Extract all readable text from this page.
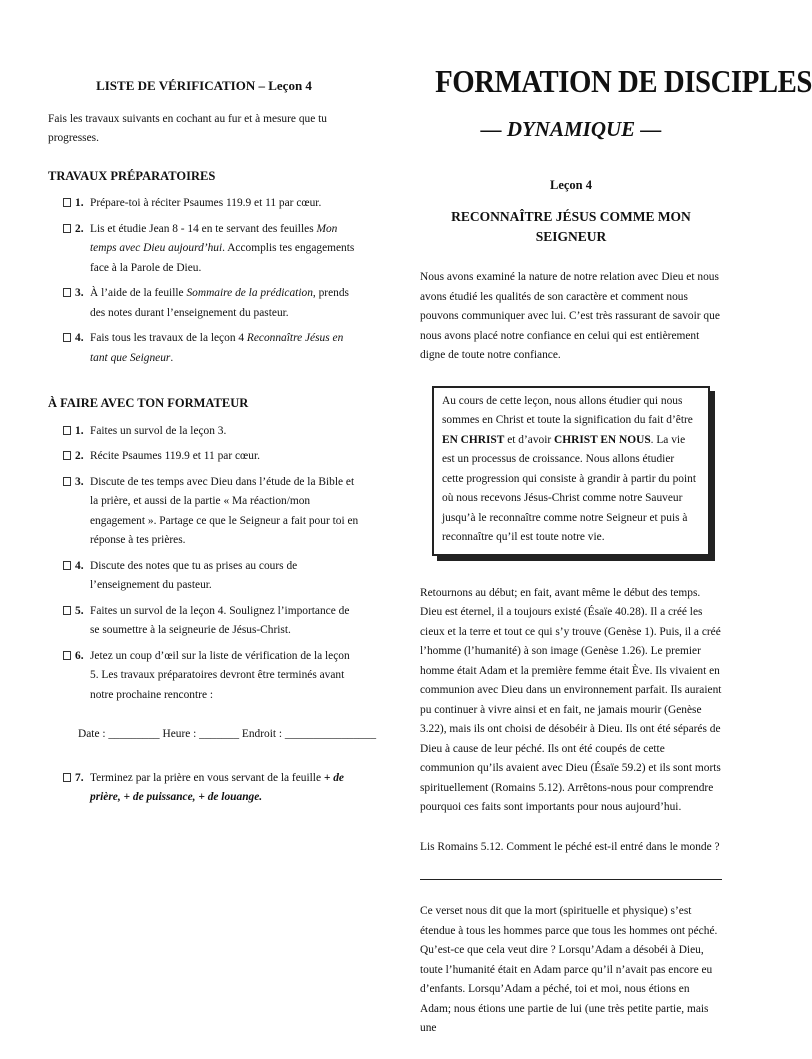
LISTE DE VÉRIFICATION – Leçon 4
Fais les travaux suivants en cochant au fur et à mesure que tu progresses.
TRAVAUX PRÉPARATOIRES
1. Prépare-toi à réciter Psaumes 119.9 et 11 par cœur.
2. Lis et étudie Jean 8 - 14 en te servant des feuilles Mon temps avec Dieu aujourd’hui. Accomplis tes engagements face à la Parole de Dieu.
3. À l’aide de la feuille Sommaire de la prédication, prends des notes durant l’enseignement du pasteur.
4. Fais tous les travaux de la leçon 4 Reconnaître Jésus en tant que Seigneur.
À FAIRE AVEC TON FORMATEUR
1. Faites un survol de la leçon 3.
2. Récite Psaumes 119.9 et 11 par cœur.
3. Discute de tes temps avec Dieu dans l’étude de la Bible et la prière, et aussi de la partie « Ma réaction/mon engagement ». Partage ce que le Seigneur a fait pour toi en réponse à tes prières.
4. Discute des notes que tu as prises au cours de l’enseignement du pasteur.
5. Faites un survol de la leçon 4. Soulignez l’importance de se soumettre à la seigneurie de Jésus-Christ.
6. Jetez un coup d’œil sur la liste de vérification de la leçon 5. Les travaux préparatoires devront être terminés avant notre prochaine rencontre :
Date : _________ Heure : _______ Endroit : ________________
7. Terminez par la prière en vous servant de la feuille + de prière, + de puissance, + de louange.
FORMATION DE DISCIPLES
— DYNAMIQUE —
Leçon 4
RECONNAÎTRE JÉSUS COMME MON SEIGNEUR
Nous avons examiné la nature de notre relation avec Dieu et nous avons étudié les qualités de son caractère et comment nous pouvons communiquer avec lui. C’est très rassurant de savoir que nous avons placé notre confiance en celui qui est entièrement digne de toute notre confiance.
Au cours de cette leçon, nous allons étudier qui nous sommes en Christ et toute la signification du fait d’être EN CHRIST et d’avoir CHRIST EN NOUS. La vie est un processus de croissance. Nous allons étudier cette progression qui consiste à grandir à partir du point où nous recevons Jésus-Christ comme notre Sauveur jusqu’à le reconnaître comme notre Seigneur et puis à reconnaître qu’il est toute notre vie.
Retournons au début; en fait, avant même le début des temps. Dieu est éternel, il a toujours existé (Ésaïe 40.28). Il a créé les cieux et la terre et tout ce qui s’y trouve (Genèse 1). Puis, il a créé l’homme (l’humanité) à son image (Genèse 1.26). Le premier homme était Adam et la première femme était Ève. Ils vivaient en communion avec Dieu dans un environnement parfait. Ils auraient pu continuer à vivre ainsi et en fait, ne jamais mourir (Genèse 3.22), mais ils ont choisi de désobéir à Dieu. Ils ont été séparés de Dieu à cause de leur péché. Ils ont été coupés de cette communion qu’ils avaient avec Dieu (Ésaïe 59.2) et ils sont morts spirituellement (Romains 5.12). Arrêtons-nous pour comprendre pourquoi ces faits sont importants pour nous aujourd’hui.
Lis Romains 5.12. Comment le péché est-il entré dans le monde ?
Ce verset nous dit que la mort (spirituelle et physique) s’est étendue à tous les hommes parce que tous les hommes ont péché. Qu’est-ce que cela veut dire ? Lorsqu’Adam a désobéi à Dieu, toute l’humanité était en Adam parce qu’il n’avait pas encore eu d’enfants. Lorsqu’Adam a péché, toi et moi, nous étions en Adam; nous étions une partie de lui (une très petite partie, mais une
